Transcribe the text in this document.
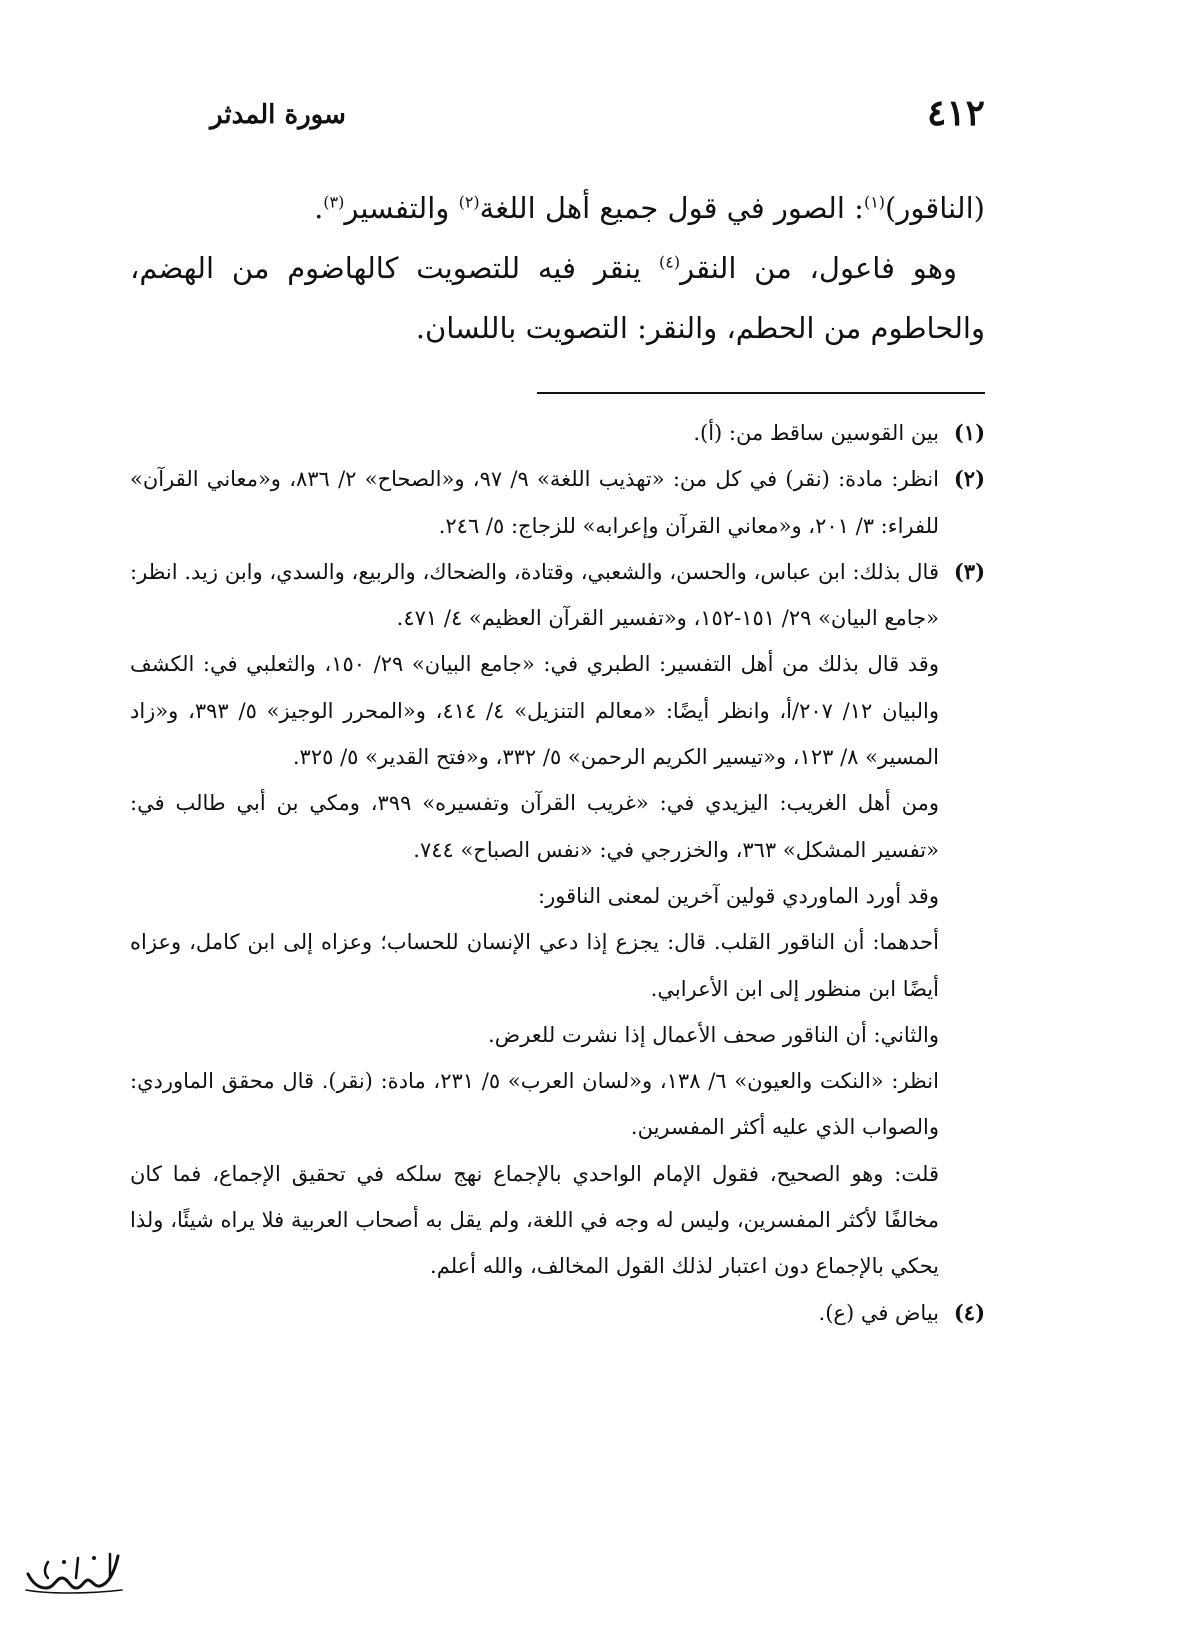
سورة المدثر	٤١٢

(الناقور)$^{(١)}$: الصور في قول جميع أهل اللغة$^{(٢)}$ والتفسير$^{(٣)}$.

وهو فاعول، من النقر$^{(٤)}$ ينقر فيه للتصويت كالهاضوم من الهضم، والحاطوم من الحطم، والنقر: التصويت باللسان.

(١)

بين القوسين ساقط من: (أ).

(٢)

انظر: مادة: (نقر) في كل من: «تهذيب اللغة» ٩/ ٩٧، و«الصحاح» ٢/ ٨٣٦، و«معاني القرآن» للفراء: ٣/ ٢٠١، و«معاني القرآن وإعرابه» للزجاج: ٥/ ٢٤٦.

(٣)

قال بذلك: ابن عباس، والحسن، والشعبي، وقتادة، والضحاك، والربيع، والسدي، وابن زيد. انظر: «جامع البيان» ٢٩/ ١٥١-١٥٢، و«تفسير القرآن العظيم» ٤/ ٤٧١.

وقد قال بذلك من أهل التفسير: الطبري في: «جامع البيان» ٢٩/ ١٥٠، والثعلبي في: الكشف والبيان ١٢/ ٢٠٧/أ، وانظر أيضًا: «معالم التنزيل» ٤/ ٤١٤، و«المحرر الوجيز» ٥/ ٣٩٣، و«زاد المسير» ٨/ ١٢٣، و«تيسير الكريم الرحمن» ٥/ ٣٣٢، و«فتح القدير» ٥/ ٣٢٥.

ومن أهل الغريب: اليزيدي في: «غريب القرآن وتفسيره» ٣٩٩، ومكي بن أبي طالب في: «تفسير المشكل» ٣٦٣، والخزرجي في: «نفس الصباح» ٧٤٤.

وقد أورد الماوردي قولين آخرين لمعنى الناقور:

أحدهما: أن الناقور القلب. قال: يجزع إذا دعي الإنسان للحساب؛ وعزاه إلى ابن كامل، وعزاه أيضًا ابن منظور إلى ابن الأعرابي.

والثاني: أن الناقور صحف الأعمال إذا نشرت للعرض.

انظر: «النكت والعيون» ٦/ ١٣٨، و«لسان العرب» ٥/ ٢٣١، مادة: (نقر). قال محقق الماوردي: والصواب الذي عليه أكثر المفسرين.

قلت: وهو الصحيح، فقول الإمام الواحدي بالإجماع نهج سلكه في تحقيق الإجماع، فما كان مخالفًا لأكثر المفسرين، وليس له وجه في اللغة، ولم يقل به أصحاب العربية فلا يراه شيئًا، ولذا يحكي بالإجماع دون اعتبار لذلك القول المخالف، والله أعلم.

(٤)

بياض في (ع).
